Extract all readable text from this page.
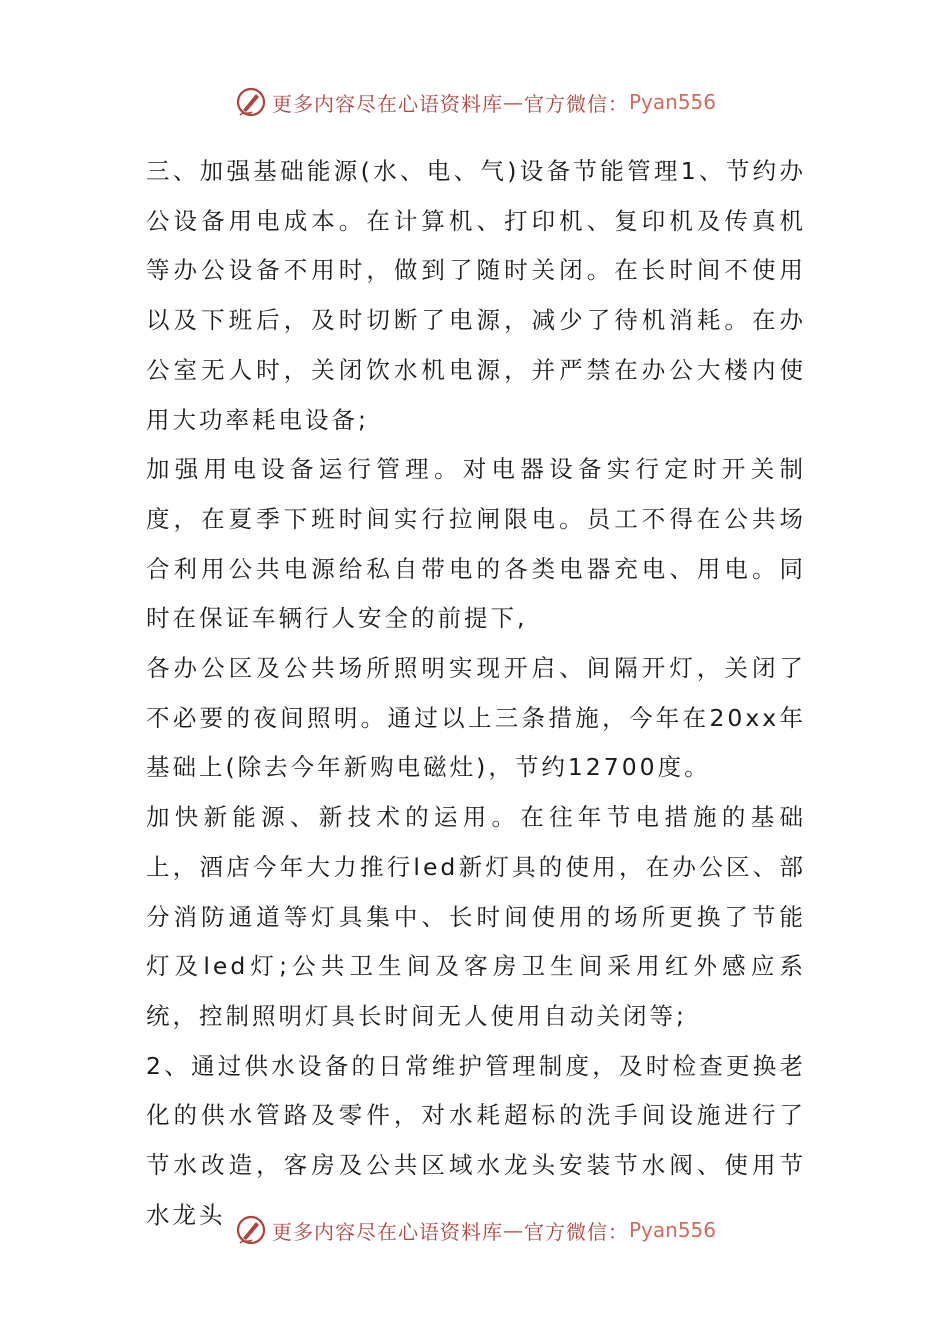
更多内容尽在心语资料库 — 官方微信： Pyan556

三、加强基础能源(水、电、气)设备节能管理1、节约办公设备用电成本。在计算机、打印机、复印机及传真机等办公设备不用时，做到了随时关闭。在长时间不使用以及下班后，及时切断了电源，减少了待机消耗。在办公室无人时，关闭饮水机电源，并严禁在办公大楼内使用大功率耗电设备;

加强用电设备运行管理。对电器设备实行定时开关制度，在夏季下班时间实行拉闸限电。员工不得在公共场合利用公共电源给私自带电的各类电器充电、用电。同时在保证车辆行人安全的前提下,

各办公区及公共场所照明实现开启、间隔开灯，关闭了不必要的夜间照明。通过以上三条措施，今年在20xx年基础上(除去今年新购电磁灶)，节约12700度。

加快新能源、新技术的运用。在往年节电措施的基础上，酒店今年大力推行led新灯具的使用，在办公区、部分消防通道等灯具集中、长时间使用的场所更换了节能灯及led灯;公共卫生间及客房卫生间采用红外感应系统，控制照明灯具长时间无人使用自动关闭等;

2、通过供水设备的日常维护管理制度，及时检查更换老化的供水管路及零件，对水耗超标的洗手间设施进行了节水改造，客房及公共区域水龙头安装节水阀、使用节水龙头

更多内容尽在心语资料库 — 官方微信： Pyan556
